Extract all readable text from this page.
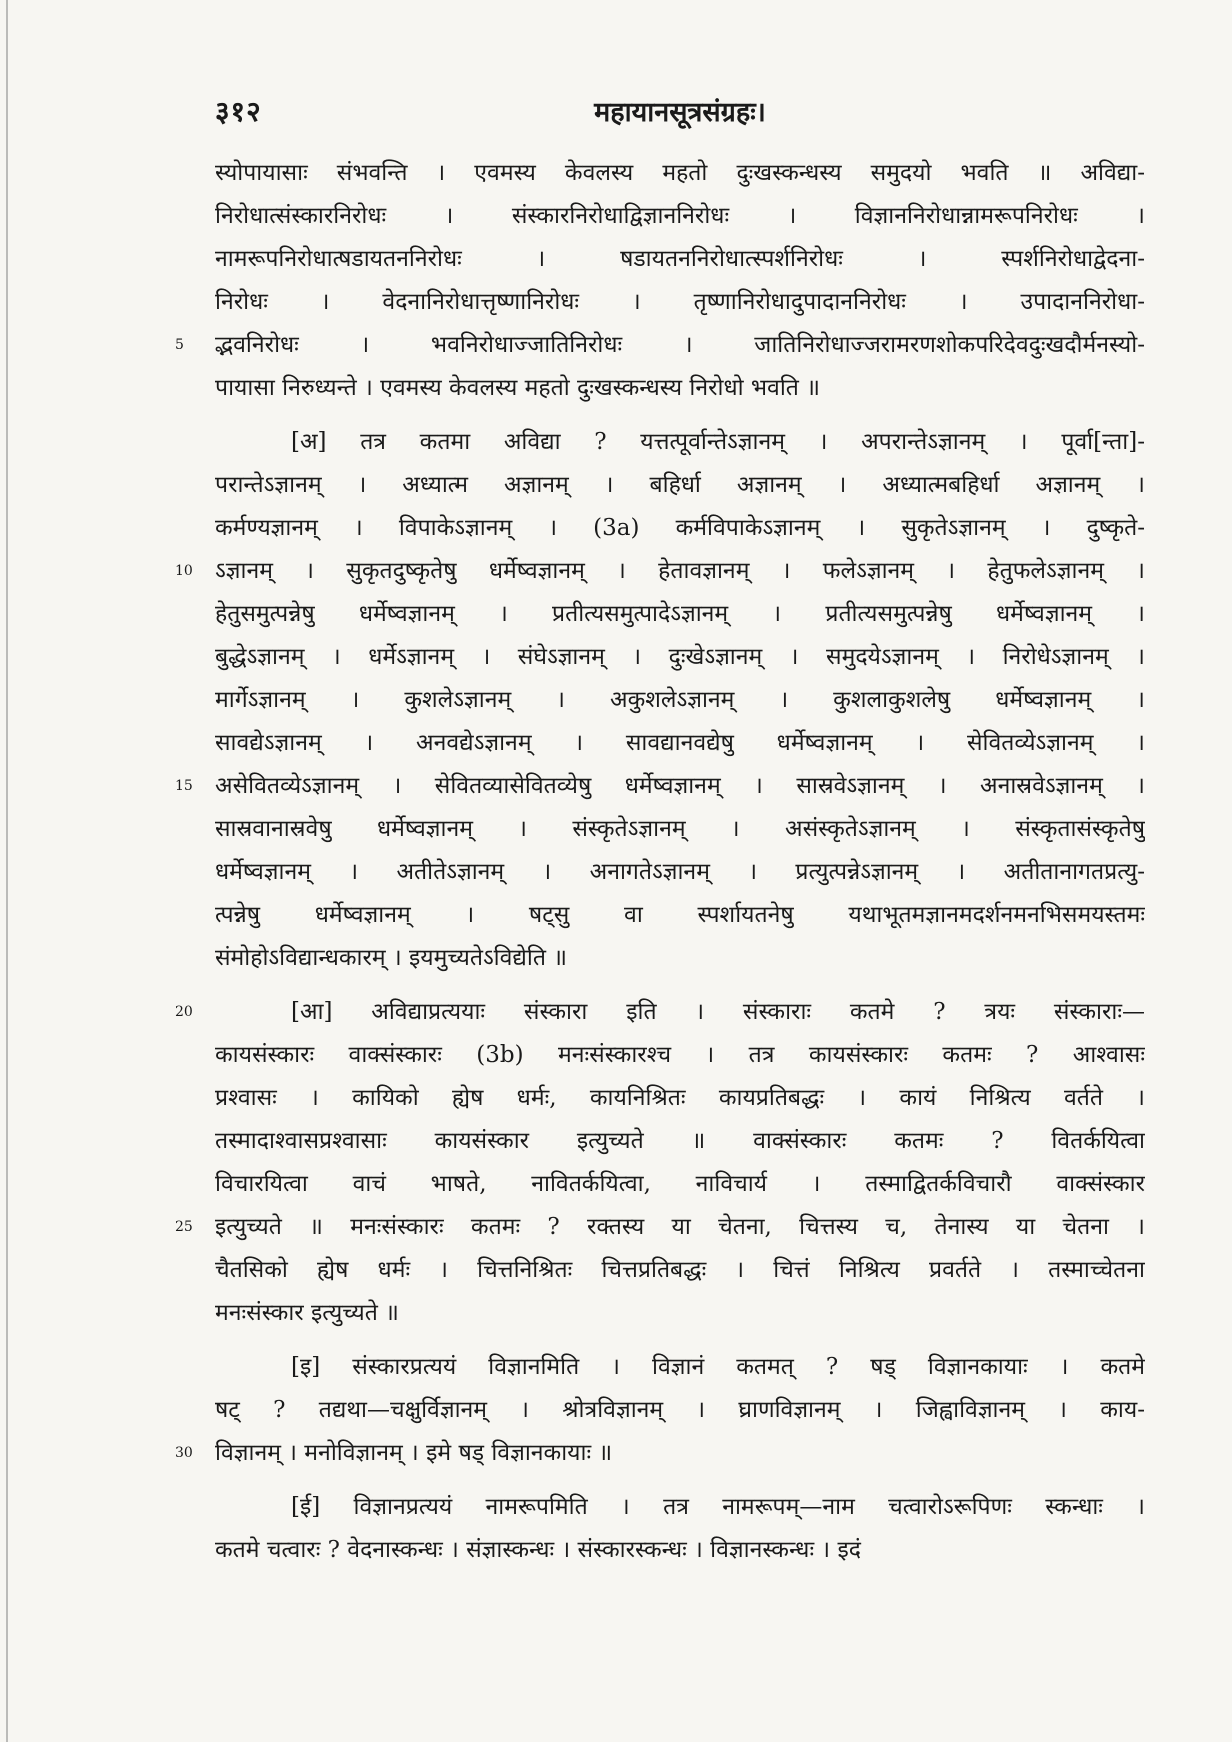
३१२	महायानसूत्रसंग्रहः।
स्योपायासाः संभवन्ति । एवमस्य केवलस्य महतो दुःखस्कन्धस्य समुदयो भवति ॥ अविद्या-
निरोधात्संस्कारनिरोधः । संस्कारनिरोधाद्विज्ञाननिरोधः । विज्ञाननिरोधान्नामरूपनिरोधः ।
नामरूपनिरोधात्षडायतननिरोधः । षडायतननिरोधात्स्पर्शनिरोधः । स्पर्शनिरोधाद्वेदना-
निरोधः । वेदनानिरोधात्तृष्णानिरोधः । तृष्णानिरोधादुपादाननिरोधः । उपादाननिरोधा-
5	द्भवनिरोधः । भवनिरोधाज्जातिनिरोधः । जातिनिरोधाज्जरामरणशोकपरिदेवदुःखदौर्मनस्यो-
पायासा निरुध्यन्ते । एवमस्य केवलस्य महतो दुःखस्कन्धस्य निरोधो भवति ॥
[अ] तत्र कतमा अविद्या ? यत्तत्पूर्वान्तेऽज्ञानम् । अपरान्तेऽज्ञानम् । पूर्वा[न्ता]-
परान्तेऽज्ञानम् । अध्यात्म अज्ञानम् । बहिर्धा अज्ञानम् । अध्यात्मबहिर्धा अज्ञानम् ।
कर्मण्यज्ञानम् । विपाकेऽज्ञानम् । (3a) कर्मविपाकेऽज्ञानम् । सुकृतेऽज्ञानम् । दुष्कृते-
10 ऽज्ञानम् । सुकृतदुष्कृतेषु धर्मेष्वज्ञानम् । हेतावज्ञानम् । फलेऽज्ञानम् । हेतुफलेऽज्ञानम् ।
हेतुसमुत्पन्नेषु धर्मेष्वज्ञानम् । प्रतीत्यसमुत्पादेऽज्ञानम् । प्रतीत्यसमुत्पन्नेषु धर्मेष्वज्ञानम् ।
बुद्धेऽज्ञानम् । धर्मेऽज्ञानम् । संघेऽज्ञानम् । दुःखेऽज्ञानम् । समुदयेऽज्ञानम् । निरोधेऽज्ञानम् ।
मार्गेऽज्ञानम् । कुशलेऽज्ञानम् । अकुशलेऽज्ञानम् । कुशलाकुशलेषु धर्मेष्वज्ञानम् ।
सावद्येऽज्ञानम् । अनवद्येऽज्ञानम् । सावद्यानवद्येषु धर्मेष्वज्ञानम् । सेवितव्येऽज्ञानम् ।
15 असेवितव्येऽज्ञानम् । सेवितव्यासेवितव्येषु धर्मेष्वज्ञानम् । सास्रवेऽज्ञानम् । अनास्रवेऽज्ञानम् ।
सास्रवानास्रवेषु धर्मेष्वज्ञानम् । संस्कृतेऽज्ञानम् । असंस्कृतेऽज्ञानम् । संस्कृतासंस्कृतेषु
धर्मेष्वज्ञानम् । अतीतेऽज्ञानम् । अनागतेऽज्ञानम् । प्रत्युत्पन्नेऽज्ञानम् । अतीतानागतप्रत्यु-
त्पन्नेषु धर्मेष्वज्ञानम् । षट्सु वा स्पर्शायतनेषु यथाभूतमज्ञानमदर्शनमनभिसमयस्तमः
संमोहोऽविद्यान्धकारम् । इयमुच्यतेऽविद्येति ॥
20	[आ] अविद्याप्रत्ययाः संस्कारा इति । संस्काराः कतमे ? त्रयः संस्काराः—
कायसंस्कारः वाक्संस्कारः (3b) मनःसंस्कारश्च । तत्र कायसंस्कारः कतमः ? आश्वासः
प्रश्वासः । कायिको ह्येष धर्मः, कायनिश्रितः कायप्रतिबद्धः । कायं निश्रित्य वर्तते ।
तस्मादाश्वासप्रश्वासाः कायसंस्कार इत्युच्यते ॥ वाक्संस्कारः कतमः ? वितर्कयित्वा
विचारयित्वा वाचं भाषते, नावितर्कयित्वा, नाविचार्य । तस्माद्वितर्कविचारौ वाक्संस्कार
25 इत्युच्यते ॥ मनःसंस्कारः कतमः ? रक्तस्य या चेतना, चित्तस्य च, तेनास्य या चेतना ।
चैतसिको ह्येष धर्मः । चित्तनिश्रितः चित्तप्रतिबद्धः । चित्तं निश्रित्य प्रवर्तते । तस्माच्चेतना
मनःसंस्कार इत्युच्यते ॥
[इ] संस्कारप्रत्ययं विज्ञानमिति । विज्ञानं कतमत् ? षड् विज्ञानकायाः । कतमे
षट् ? तद्यथा—चक्षुर्विज्ञानम् । श्रोत्रविज्ञानम् । घ्राणविज्ञानम् । जिह्वाविज्ञानम् । काय-
30 विज्ञानम् । मनोविज्ञानम् । इमे षड् विज्ञानकायाः ॥
[ई] विज्ञानप्रत्ययं नामरूपमिति । तत्र नामरूपम्—नाम चत्वारोऽरूपिणः स्कन्धाः ।
कतमे चत्वारः ? वेदनास्कन्धः । संज्ञास्कन्धः । संस्कारस्कन्धः । विज्ञानस्कन्धः । इदं
